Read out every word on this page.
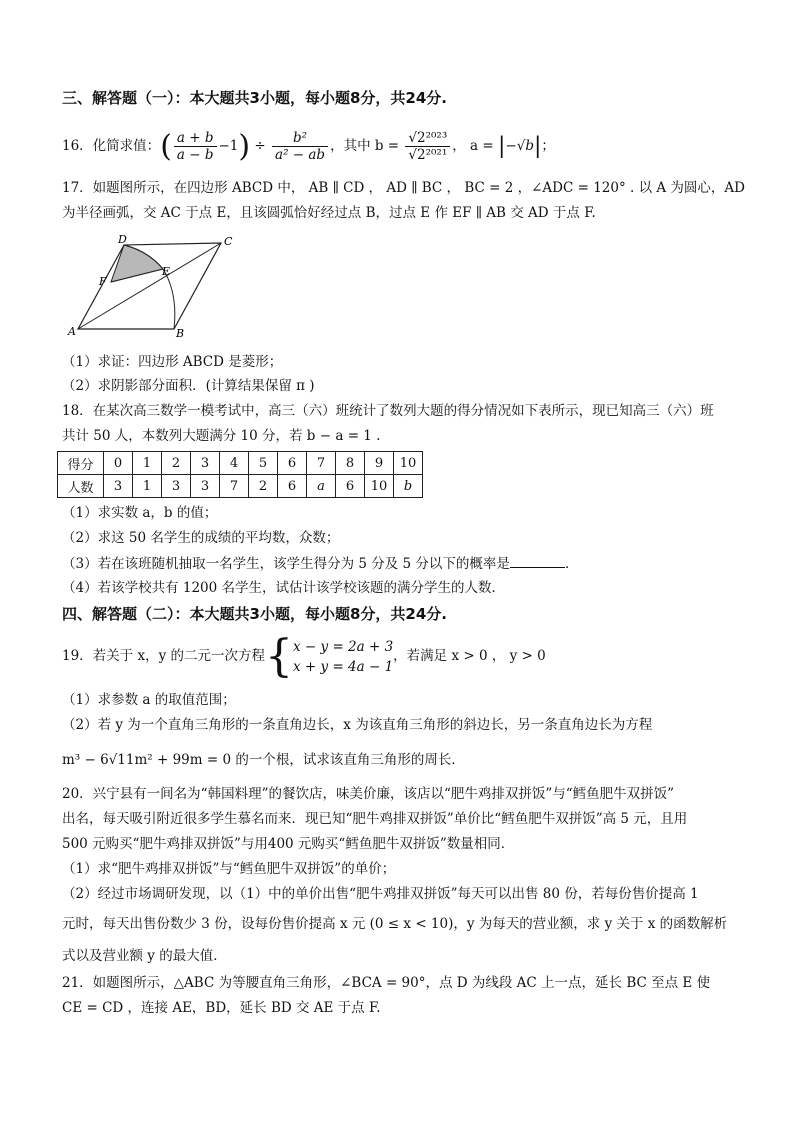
三、解答题（一）：本大题共3小题，每小题8分，共24分.
16．化简求值：( $\frac{a + b}{a - b} -1) \div \frac{\text{b²}}{\text{a² − ab}}$ ，其中 $b = \frac{\text{√2²⁰²³}}{\text{√2²⁰²¹}}$ ， a = |−√b|；
17．如题图所示，在四边形 ABCD 中， AB ∥ CD ， AD ∥ BC ， BC = 2 ，∠ADC = 120° . 以 A 为圆心，AD
为半径画弧，交 AC 于点 E，且该圆弧恰好经过点 B，过点 E 作 EF ∥ AB 交 AD 于点 F.
D	C
E
F
A	B
（1）求证：四边形 ABCD 是菱形；
（2）求阴影部分面积．(计算结果保留 π )
18．在某次高三数学一模考试中，高三（六）班统计了数列大题的得分情况如下表所示，现已知高三（六）班
共计 50 人，本数列大题满分 10 分，若 b − a = 1 .
得分	0	1	2	3	4	5	6	7	8	9	10
人数	3	1	3	3	7	2	6	a	6	10	b
（1）求实数 a，b 的值；
（2）求这 50 名学生的成绩的平均数，众数；
（3）若在该班随机抽取一名学生，该学生得分为 5 分及 5 分以下的概率是	．
（4）若该学校共有 1200 名学生，试估计该学校该题的满分学生的人数．
四、解答题（二）：本大题共3小题，每小题8分，共24分.
19．若关于 x，y 的二元一次方程{ x − y = 2a + 3
x + y = 4a − 1
，若满足 x > 0 ， y > 0
（1）求参数 a 的取值范围；
（2）若 y 为一个直角三角形的一条直角边长，x 为该直角三角形的斜边长，另一条直角边长为方程
m³ − 6√11m² + 99m = 0 的一个根，试求该直角三角形的周长．
20．兴宁县有一间名为“韩国料理”的餐饮店，味美价廉，该店以“肥牛鸡排双拼饭”与“鳕鱼肥牛双拼饭”
出名，每天吸引附近很多学生慕名而来．现已知“肥牛鸡排双拼饭”单价比“鳕鱼肥牛双拼饭”高 5 元，且用
500 元购买“肥牛鸡排双拼饭”与用400 元购买“鳕鱼肥牛双拼饭”数量相同．
（1）求“肥牛鸡排双拼饭”与“鳕鱼肥牛双拼饭”的单价；
（2）经过市场调研发现，以（1）中的单价出售“肥牛鸡排双拼饭”每天可以出售 80 份，若每份售价提高 1
元时，每天出售份数少 3 份，设每份售价提高 x 元 (0 ≤ x < 10)，y 为每天的营业额，求 y 关于 x 的函数解析
式以及营业额 y 的最大值．
21．如题图所示，△ABC 为等腰直角三角形，∠BCA = 90°，点 D 为线段 AC 上一点，延长 BC 至点 E 使
CE = CD ，连接 AE，BD，延长 BD 交 AE 于点 F.
